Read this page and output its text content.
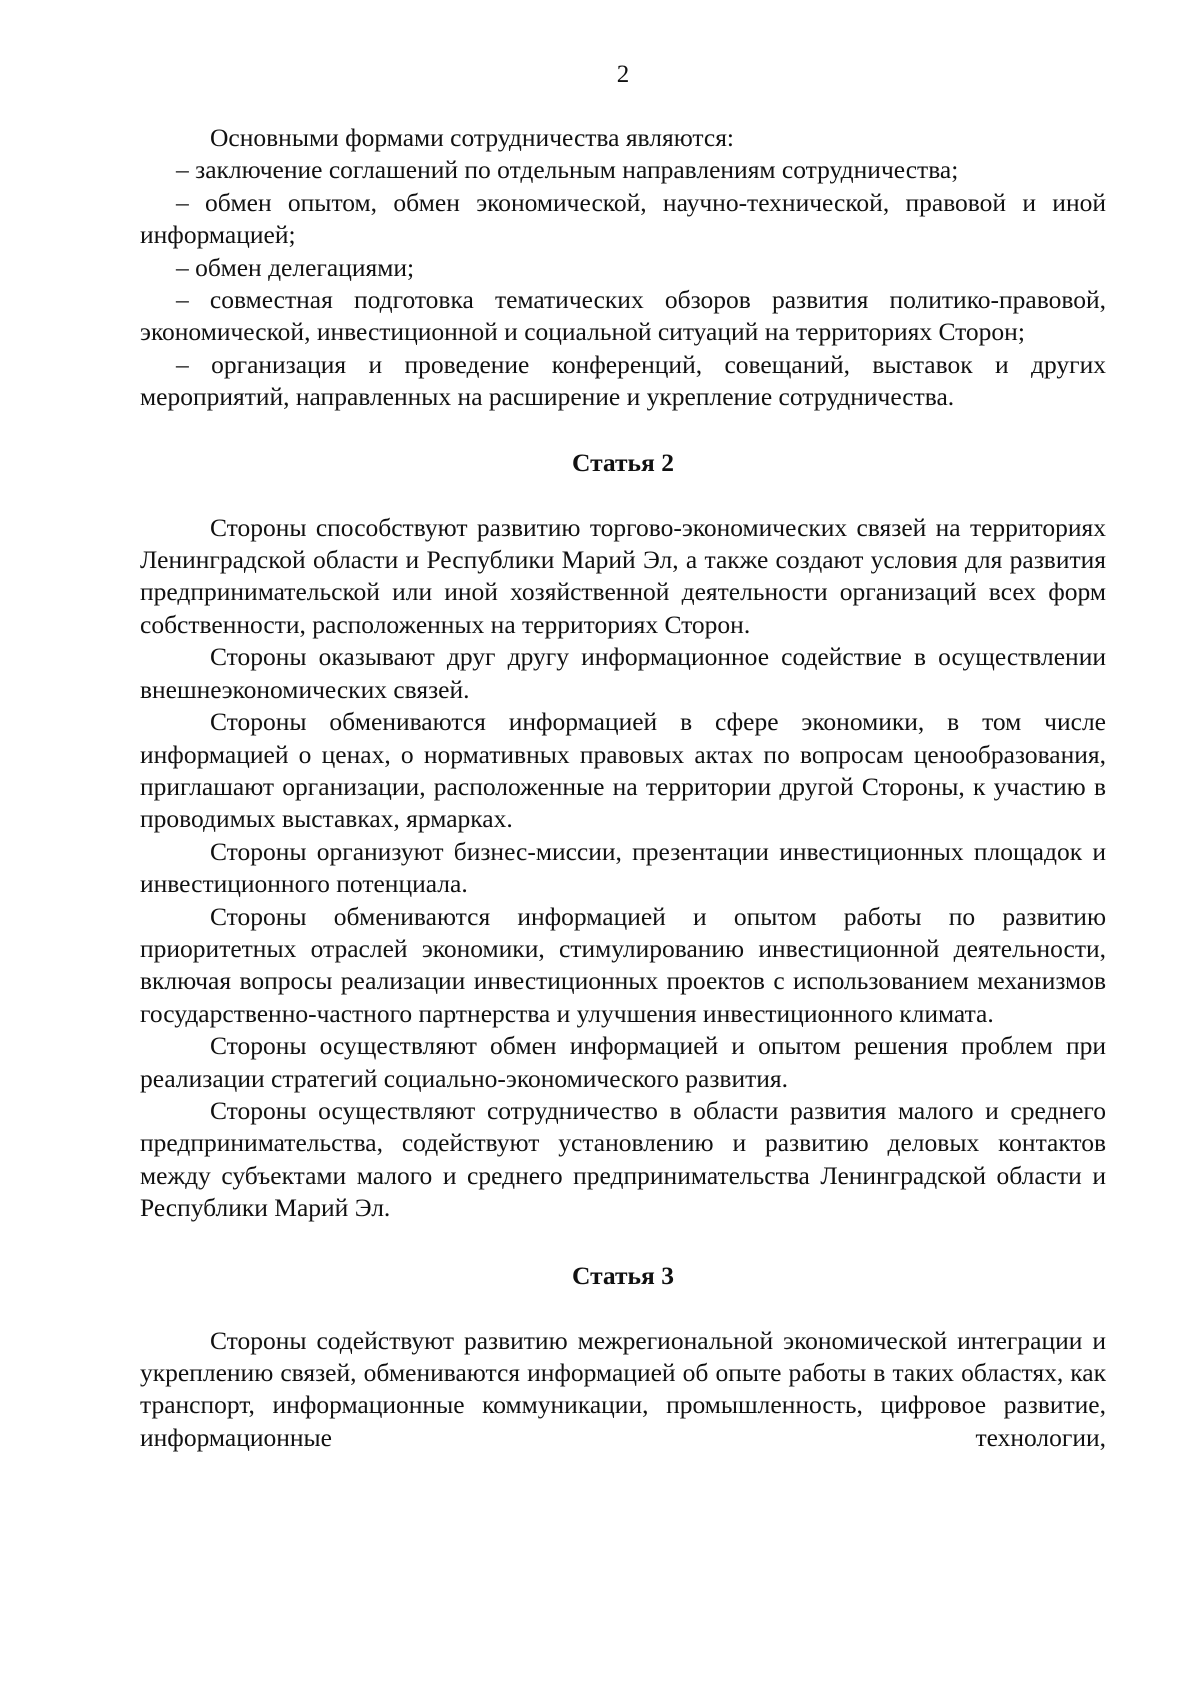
2

Основными формами сотрудничества являются:

– заключение соглашений по отдельным направлениям сотрудничества;

– обмен опытом, обмен экономической, научно-технической, правовой и иной информацией;

– обмен делегациями;

– совместная подготовка тематических обзоров развития политико-правовой, экономической, инвестиционной и социальной ситуаций на территориях Сторон;

– организация и проведение конференций, совещаний, выставок и других мероприятий, направленных на расширение и укрепление сотрудничества.

Статья 2

Стороны способствуют развитию торгово-экономических связей на территориях Ленинградской области и Республики Марий Эл, а также создают условия для развития предпринимательской или иной хозяйственной деятельности организаций всех форм собственности, расположенных на территориях Сторон.

Стороны оказывают друг другу информационное содействие в осуществлении внешнеэкономических связей.

Стороны обмениваются информацией в сфере экономики, в том числе информацией о ценах, о нормативных правовых актах по вопросам ценообразования, приглашают организации, расположенные на территории другой Стороны, к участию в проводимых выставках, ярмарках.

Стороны организуют бизнес-миссии, презентации инвестиционных площадок и инвестиционного потенциала.

Стороны обмениваются информацией и опытом работы по развитию приоритетных отраслей экономики, стимулированию инвестиционной деятельности, включая вопросы реализации инвестиционных проектов с использованием механизмов государственно-частного партнерства и улучшения инвестиционного климата.

Стороны осуществляют обмен информацией и опытом решения проблем при реализации стратегий социально-экономического развития.

Стороны осуществляют сотрудничество в области развития малого и среднего предпринимательства, содействуют установлению и развитию деловых контактов между субъектами малого и среднего предпринимательства Ленинградской области и Республики Марий Эл.

Статья 3

Стороны содействуют развитию межрегиональной экономической интеграции и укреплению связей, обмениваются информацией об опыте работы в таких областях, как транспорт, информационные коммуникации, промышленность, цифровое развитие, информационные технологии,
